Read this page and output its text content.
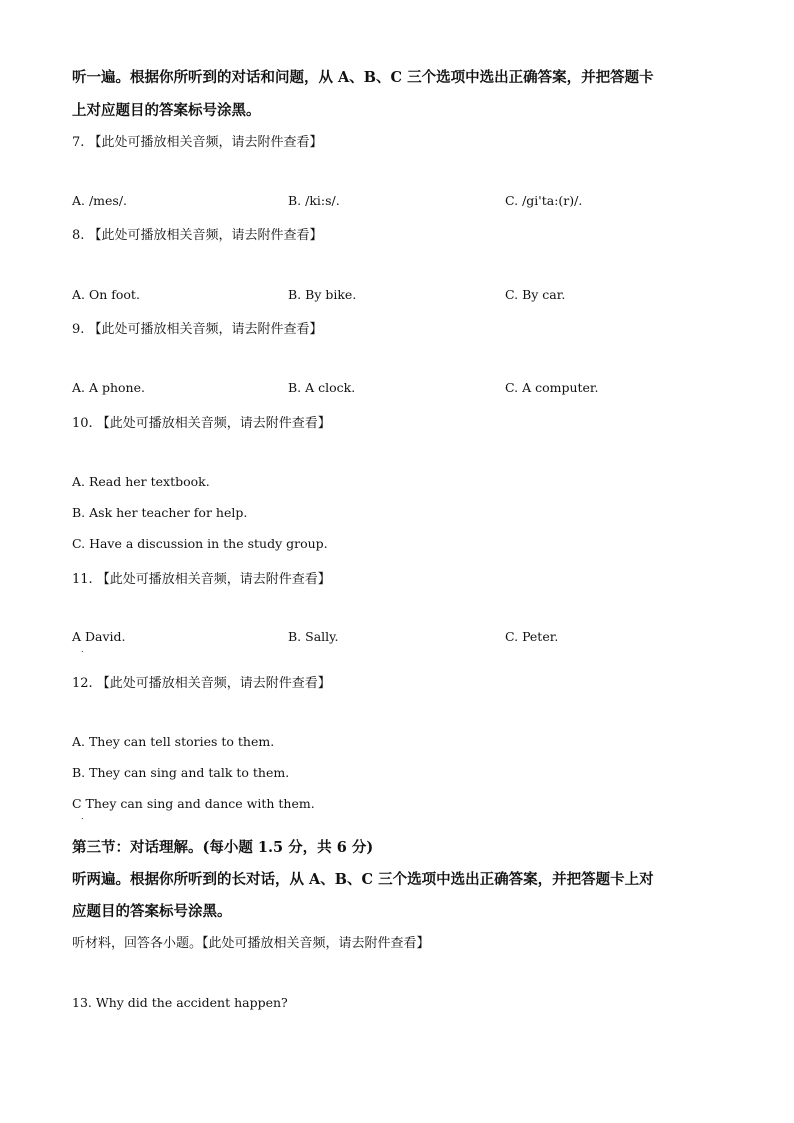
听一遍。根据你所听到的对话和问题，从 A、B、C 三个选项中选出正确答案，并把答题卡
上对应题目的答案标号涂黑。
7. 【此处可播放相关音频，请去附件查看】
A. /mes/.	B. /ki:s/.	C. /gi'ta:(r)/.
8. 【此处可播放相关音频，请去附件查看】
A. On foot.	B. By bike.	C. By car.
9. 【此处可播放相关音频，请去附件查看】
A. A phone.	B. A clock.	C. A computer.
10. 【此处可播放相关音频，请去附件查看】
A. Read her textbook.
B. Ask her teacher for help.
C. Have a discussion in the study group.
11. 【此处可播放相关音频，请去附件查看】
A David.
.
B. Sally.	C. Peter.
12. 【此处可播放相关音频，请去附件查看】
A. They can tell stories to them.
B. They can sing and talk to them.
C They can sing and dance with them.
.
第三节：对话理解。(每小题 1.5 分，共 6 分)
听两遍。根据你所听到的长对话，从 A、B、C 三个选项中选出正确答案，并把答题卡上对
应题目的答案标号涂黑。
听材料，回答各小题。【此处可播放相关音频，请去附件查看】
13. Why did the accident happen?
